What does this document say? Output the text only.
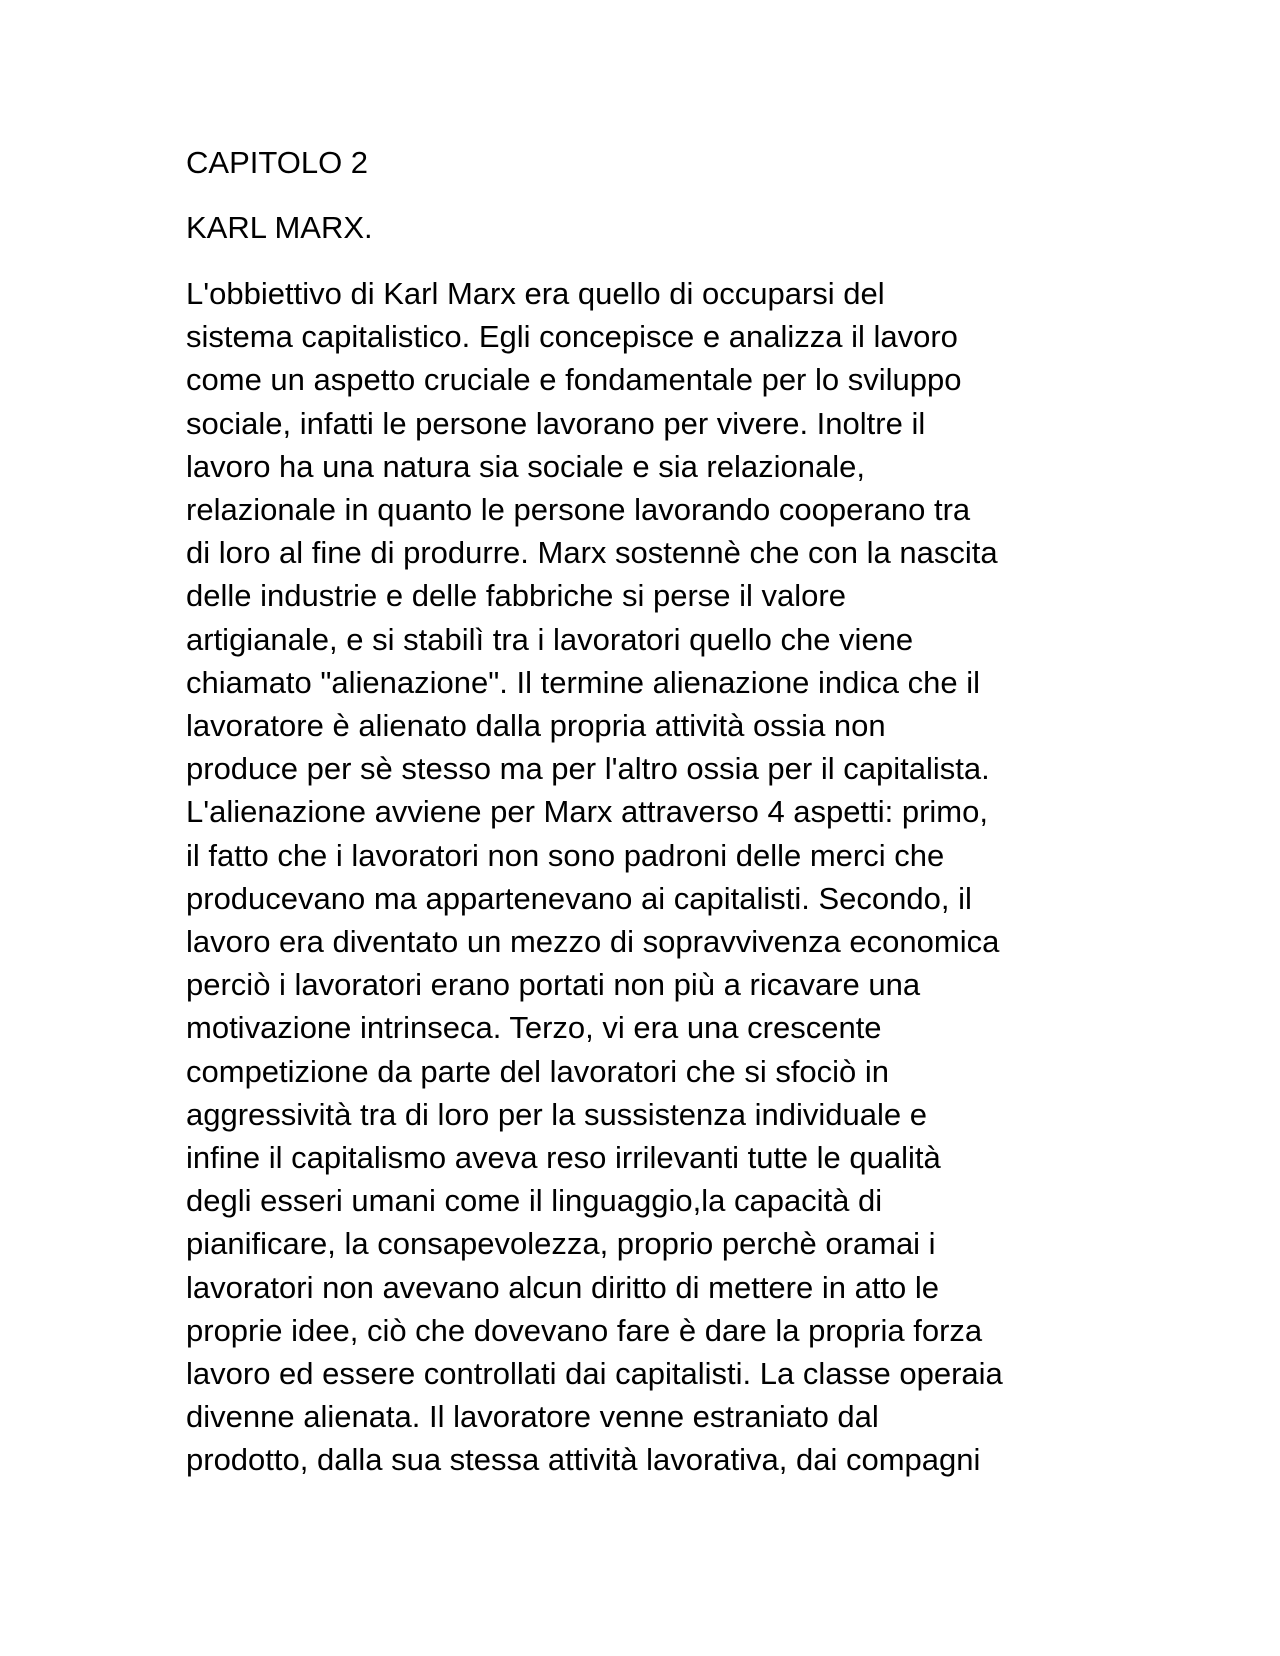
CAPITOLO 2
KARL MARX.

L'obbiettivo di Karl Marx era quello di occuparsi del
sistema capitalistico. Egli concepisce e analizza il lavoro
come un aspetto cruciale e fondamentale per lo sviluppo
sociale, infatti le persone lavorano per vivere. Inoltre il
lavoro ha una natura sia sociale e sia relazionale,
relazionale in quanto le persone lavorando cooperano tra
di loro al fine di produrre. Marx sostennè che con la nascita
delle industrie e delle fabbriche si perse il valore
artigianale, e si stabilì tra i lavoratori quello che viene
chiamato "alienazione". Il termine alienazione indica che il
lavoratore è alienato dalla propria attività ossia non
produce per sè stesso ma per l'altro ossia per il capitalista.
L'alienazione avviene per Marx attraverso 4 aspetti: primo,
il fatto che i lavoratori non sono padroni delle merci che
producevano ma appartenevano ai capitalisti. Secondo, il
lavoro era diventato un mezzo di sopravvivenza economica
perciò i lavoratori erano portati non più a ricavare una
motivazione intrinseca. Terzo, vi era una crescente
competizione da parte del lavoratori che si sfociò in
aggressività tra di loro per la sussistenza individuale e
infine il capitalismo aveva reso irrilevanti tutte le qualità
degli esseri umani come il linguaggio,la capacità di
pianificare, la consapevolezza, proprio perchè oramai i
lavoratori non avevano alcun diritto di mettere in atto le
proprie idee, ciò che dovevano fare è dare la propria forza
lavoro ed essere controllati dai capitalisti. La classe operaia
divenne alienata. Il lavoratore venne estraniato dal
prodotto, dalla sua stessa attività lavorativa, dai compagni
